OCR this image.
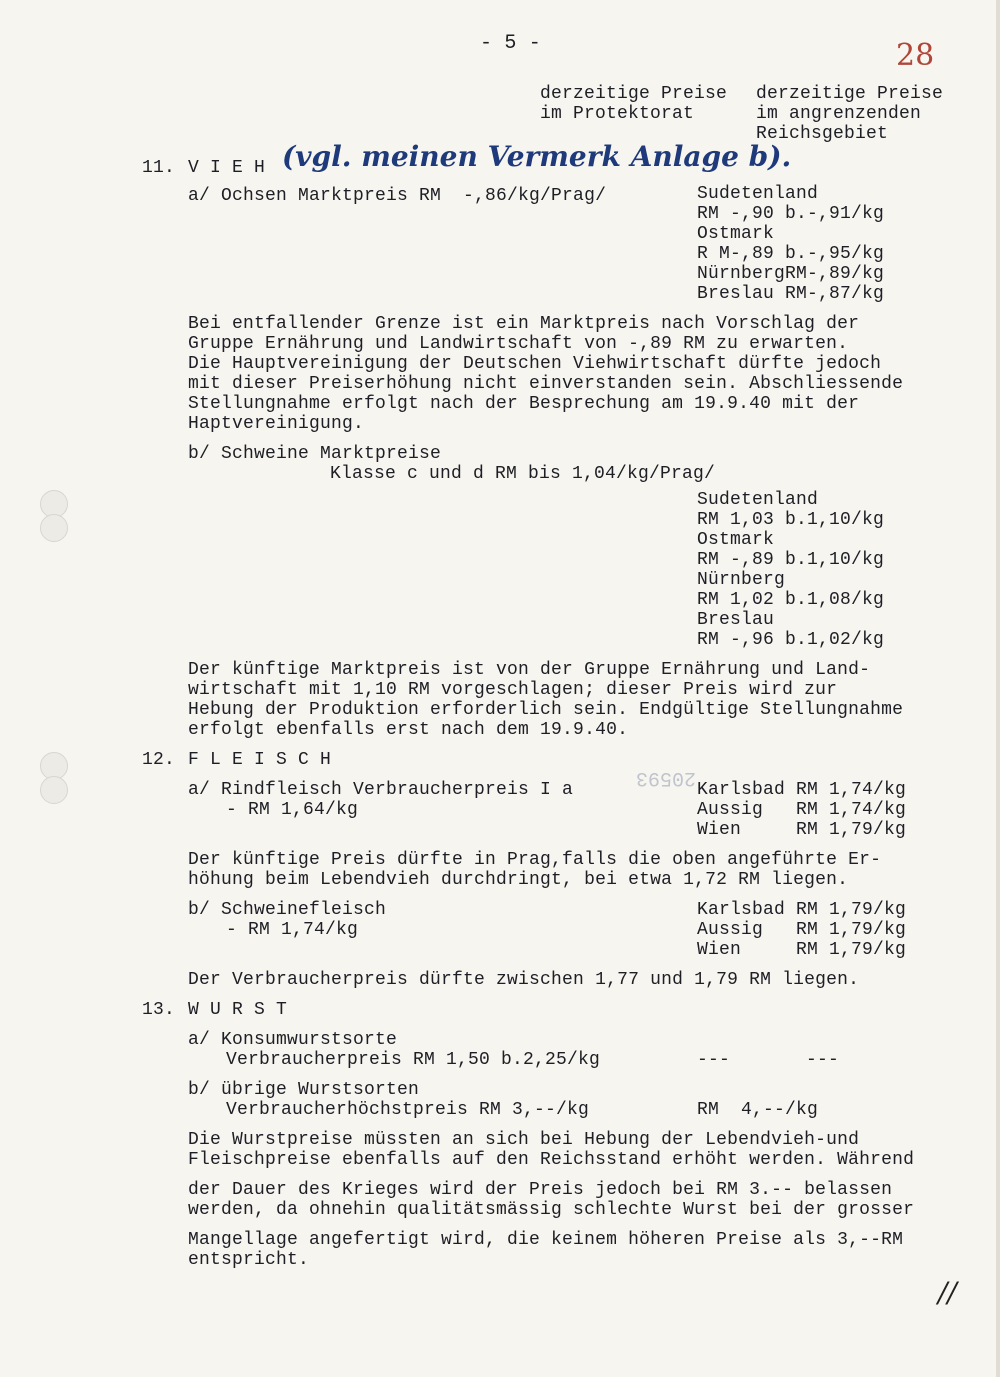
- 5 -	28
derzeitige Preise
im Protektorat
derzeitige Preise
im angrenzenden
Reichsgebiet
11. V I E H (vgl. meinen Vermerk Anlage b).
a/ Ochsen Marktpreis RM  -,86/kg/Prag/	Sudetenland
RM -,90 b.-,91/kg
Ostmark
R M-,89 b.-,95/kg
NürnbergRM-,89/kg
Breslau RM-,87/kg
Bei entfallender Grenze ist ein Marktpreis nach Vorschlag der
Gruppe Ernährung und Landwirtschaft von -,89 RM zu erwarten.
Die Hauptvereinigung der Deutschen Viehwirtschaft dürfte jedoch
mit dieser Preiserhöhung nicht einverstanden sein. Abschliessende
Stellungnahme erfolgt nach der Besprechung am 19.9.40 mit der
Haptvereinigung.
b/ Schweine Marktpreise
Klasse c und d RM bis 1,04/kg/Prag/
Sudetenland
RM 1,03 b.1,10/kg
Ostmark
RM -,89 b.1,10/kg
Nürnberg
RM 1,02 b.1,08/kg
Breslau
RM -,96 b.1,02/kg
Der künftige Marktpreis ist von der Gruppe Ernährung und Land-
wirtschaft mit 1,10 RM vorgeschlagen; dieser Preis wird zur
Hebung der Produktion erforderlich sein. Endgültige Stellungnahme
erfolgt ebenfalls erst nach dem 19.9.40.
12. F L E I S C H
20593
a/ Rindfleisch Verbraucherpreis I a
- RM 1,64/kg
Karlsbad RM 1,74/kg
Aussig   RM 1,74/kg
Wien     RM 1,79/kg
Der künftige Preis dürfte in Prag,falls die oben angeführte Er-
höhung beim Lebendvieh durchdringt, bei etwa 1,72 RM liegen.
b/ Schweinefleisch
- RM 1,74/kg
Karlsbad RM 1,79/kg
Aussig   RM 1,79/kg
Wien     RM 1,79/kg
Der Verbraucherpreis dürfte zwischen 1,77 und 1,79 RM liegen.
13. W U R S T
a/ Konsumwurstsorte
Verbraucherpreis RM 1,50 b.2,25/kg	---	---
b/ übrige Wurstsorten
Verbraucherhöchstpreis RM 3,--/kg	RM  4,--/kg
Die Wurstpreise müssten an sich bei Hebung der Lebendvieh-und
Fleischpreise ebenfalls auf den Reichsstand erhöht werden. Während
der Dauer des Krieges wird der Preis jedoch bei RM 3.-- belassen
werden, da ohnehin qualitätsmässig schlechte Wurst bei der grosser
Mangellage angefertigt wird, die keinem höheren Preise als 3,--RM
entspricht.
//
